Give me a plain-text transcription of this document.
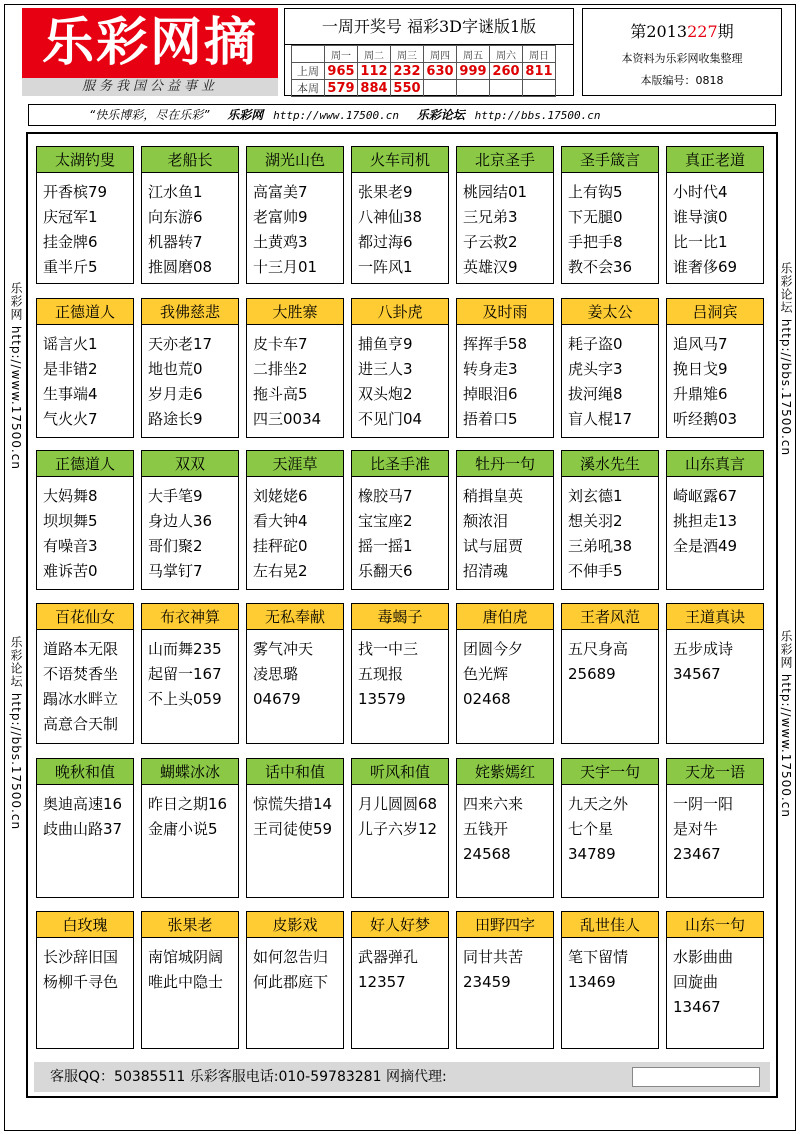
乐彩网摘
服务我国公益事业
一周开奖号 福彩3D字谜版1版
	周一	周二	周三	周四	周五	周六	周日
上周	965	112	232	630	999	260	811
本周	579	884	550				
第2013227期
本资料为乐彩网收集整理
本版编号：0818
“快乐博彩，尽在乐彩” 乐彩网 http://www.17500.cn 乐彩论坛 http://bbs.17500.cn
乐彩网 http://www.17500.cn
乐彩论坛 http://bbs.17500.cn
乐彩论坛 http://bbs.17500.cn
乐彩网 http://www.17500.cn
太湖钓叟
开香槟79
庆冠军1
挂金牌6
重半斤5
老船长
江水鱼1
向东游6
机器转7
推圆磨08
湖光山色
高富美7
老富帅9
土黄鸡3
十三月01
火车司机
张果老9
八神仙38
都过海6
一阵风1
北京圣手
桃园结01
三兄弟3
子云救2
英雄汉9
圣手箴言
上有钩5
下无腿0
手把手8
教不会36
真正老道
小时代4
谁导演0
比一比1
谁奢侈69
正德道人
谣言火1
是非错2
生事端4
气火火7
我佛慈悲
天亦老17
地也荒0
岁月走6
路途长9
大胜寨
皮卡车7
二排坐2
拖斗高5
四三0034
八卦虎
捕鱼亨9
进三人3
双头炮2
不见门04
及时雨
挥挥手58
转身走3
掉眼泪6
捂着口5
姜太公
耗子盗0
虎头字3
拔河绳8
盲人棍17
吕洞宾
追风马7
挽日戈9
升鼎雉6
听经鹅03
正德道人
大妈舞8
坝坝舞5
有噪音3
难诉苦0
双双
大手笔9
身边人36
哥们聚2
马掌钉7
天涯草
刘姥姥6
看大钟4
挂秤砣0
左右晃2
比圣手准
橡胶马7
宝宝座2
摇一摇1
乐翻天6
牡丹一句
稍揖皇英
颒浓泪
试与屈贾
招清魂
溪水先生
刘玄德1
想关羽2
三弟吼38
不伸手5
山东真言
崎岖露67
挑担走13
全是酒49
百花仙女
道路本无限
不语焚香坐
蹋冰水畔立
高意合天制
布衣神算
山而舞235
起留一167
不上头059
无私奉献
雾气冲天
凌思璐
04679
毒蝎子
找一中三
五现报
13579
唐伯虎
团圆今夕
色光辉
02468
王者风范
五尺身高
25689
王道真诀
五步成诗
34567
晚秋和值
奥迪高速16
歧曲山路37
蝴蝶冰冰
昨日之期16
金庸小说5
话中和值
惊慌失措14
王司徒使59
听风和值
月儿圆圆68
儿子六岁12
姹紫嫣红
四来六来
五钱开
24568
天宇一句
九天之外
七个星
34789
天龙一语
一阴一阳
是对牛
23467
白玫瑰
长沙辞旧国
杨柳千寻色
张果老
南馆城阴阔
唯此中隐士
皮影戏
如何忽告归
何此郡庭下
好人好梦
武器弹孔
12357
田野四字
同甘共苦
23459
乱世佳人
笔下留情
13469
山东一句
水影曲曲
回旋曲
13467
客服QQ：50385511 乐彩客服电话:010-59783281 网摘代理:
